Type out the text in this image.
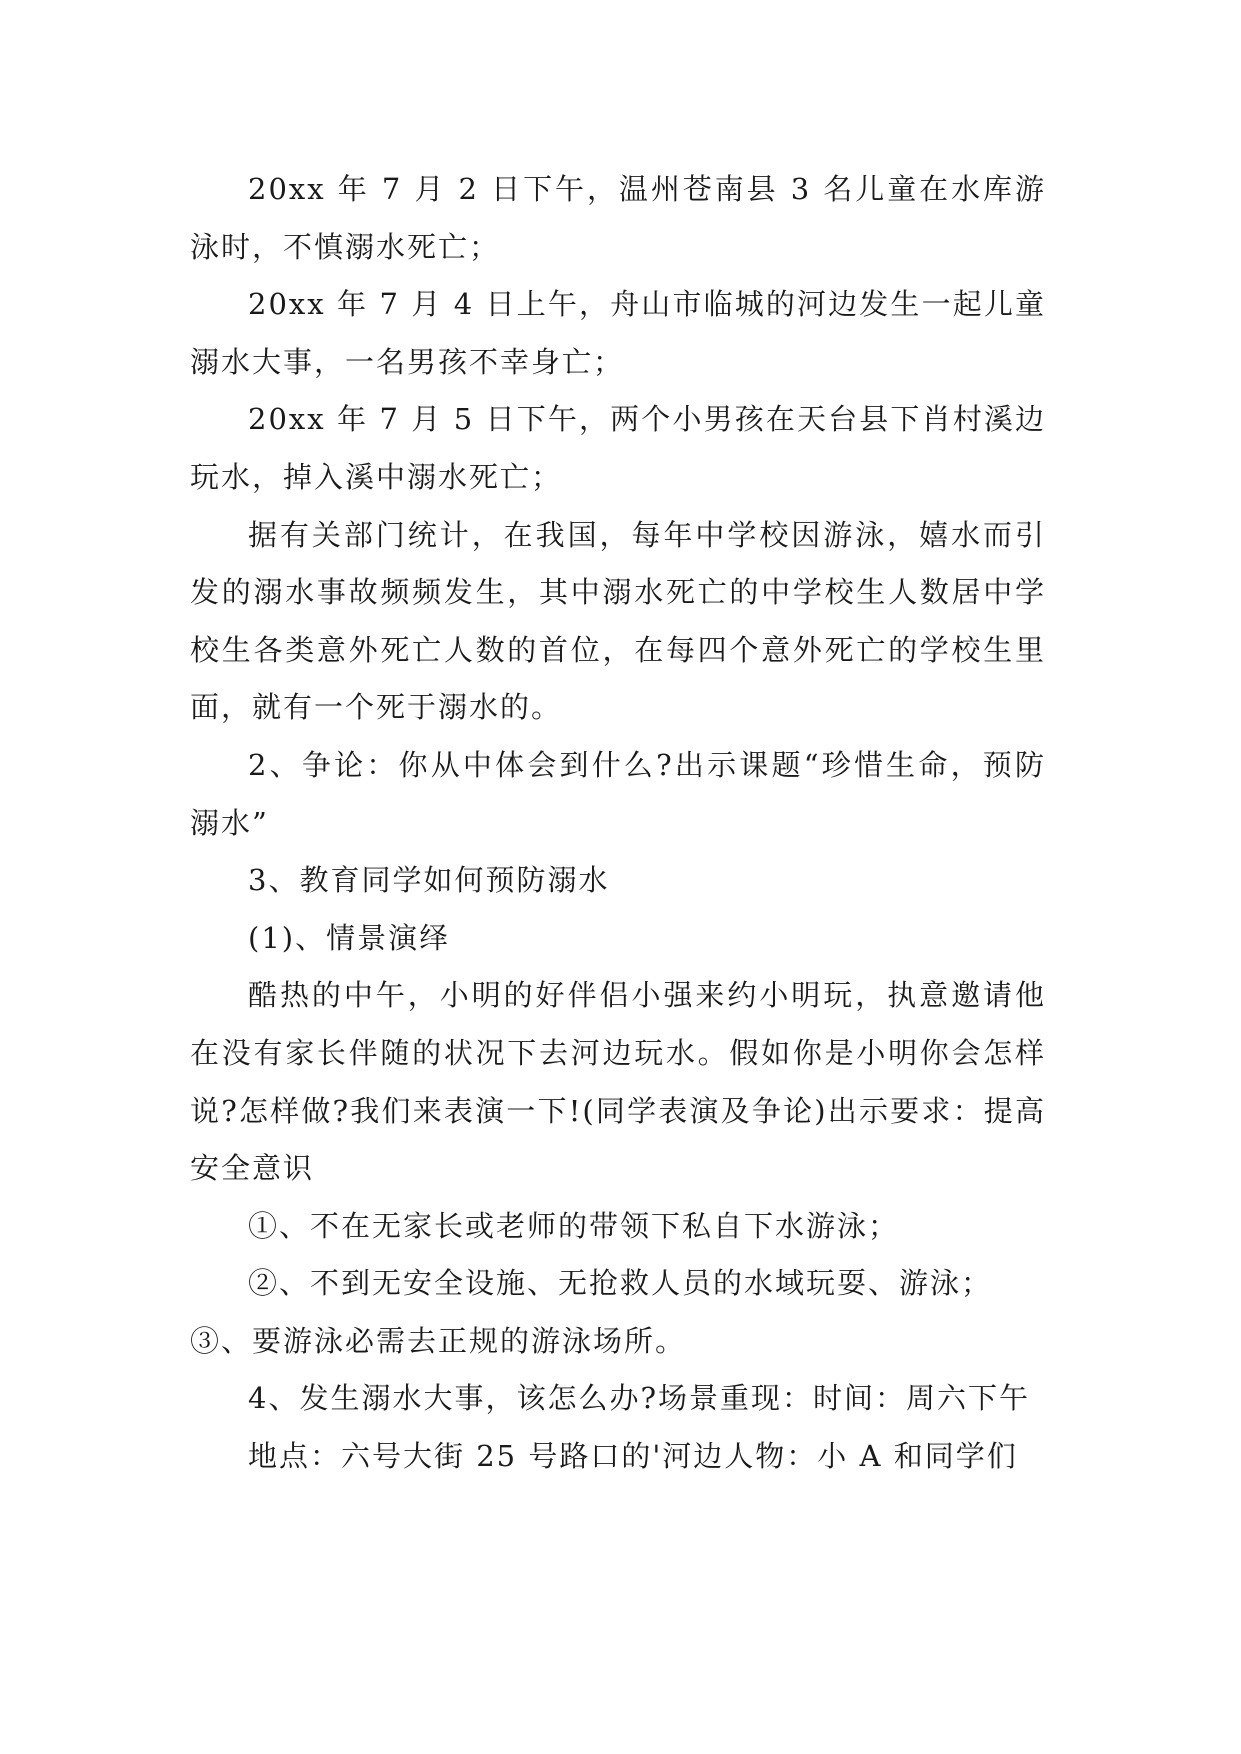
20xx 年 7 月 2 日下午，温州苍南县 3 名儿童在水库游泳时，不慎溺水死亡；

20xx 年 7 月 4 日上午，舟山市临城的河边发生一起儿童溺水大事，一名男孩不幸身亡；

20xx 年 7 月 5 日下午，两个小男孩在天台县下肖村溪边玩水，掉入溪中溺水死亡；

据有关部门统计，在我国，每年中学校因游泳，嬉水而引发的溺水事故频频发生，其中溺水死亡的中学校生人数居中学校生各类意外死亡人数的首位，在每四个意外死亡的学校生里面，就有一个死于溺水的。

2、争论：你从中体会到什么?出示课题“珍惜生命，预防溺水”

3、教育同学如何预防溺水

(1)、情景演绎

酷热的中午，小明的好伴侣小强来约小明玩，执意邀请他在没有家长伴随的状况下去河边玩水。假如你是小明你会怎样说?怎样做?我们来表演一下!(同学表演及争论)出示要求：提高安全意识

①、不在无家长或老师的带领下私自下水游泳；

②、不到无安全设施、无抢救人员的水域玩耍、游泳；

③、要游泳必需去正规的游泳场所。

4、发生溺水大事，该怎么办?场景重现：时间：周六下午

地点：六号大街 25 号路口的'河边人物：小 A 和同学们
